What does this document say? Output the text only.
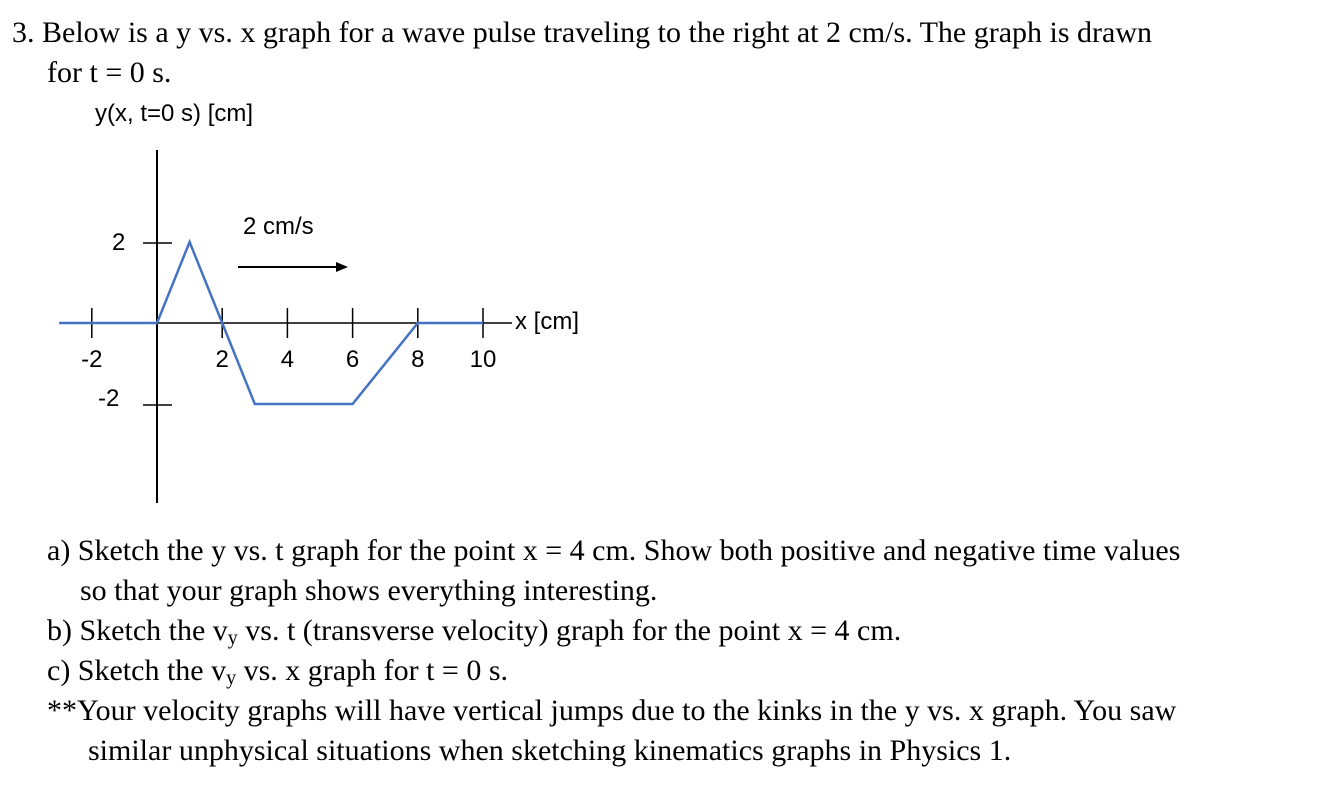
3. Below is a y vs. x graph for a wave pulse traveling to the right at 2 cm/s. The graph is drawn
for t = 0 s.
y(x, t=0 s) [cm]
2 cm/s
x [cm]
2
-2
-2	2 4 6 8 10
a) Sketch the y vs. t graph for the point x = 4 cm. Show both positive and negative time values
so that your graph shows everything interesting.
b) Sketch the $v_y$ vs. t (transverse velocity) graph for the point x = 4 cm.
c) Sketch the $v_y$ vs. x graph for t = 0 s.
**Your velocity graphs will have vertical jumps due to the kinks in the y vs. x graph. You saw
similar unphysical situations when sketching kinematics graphs in Physics 1.
